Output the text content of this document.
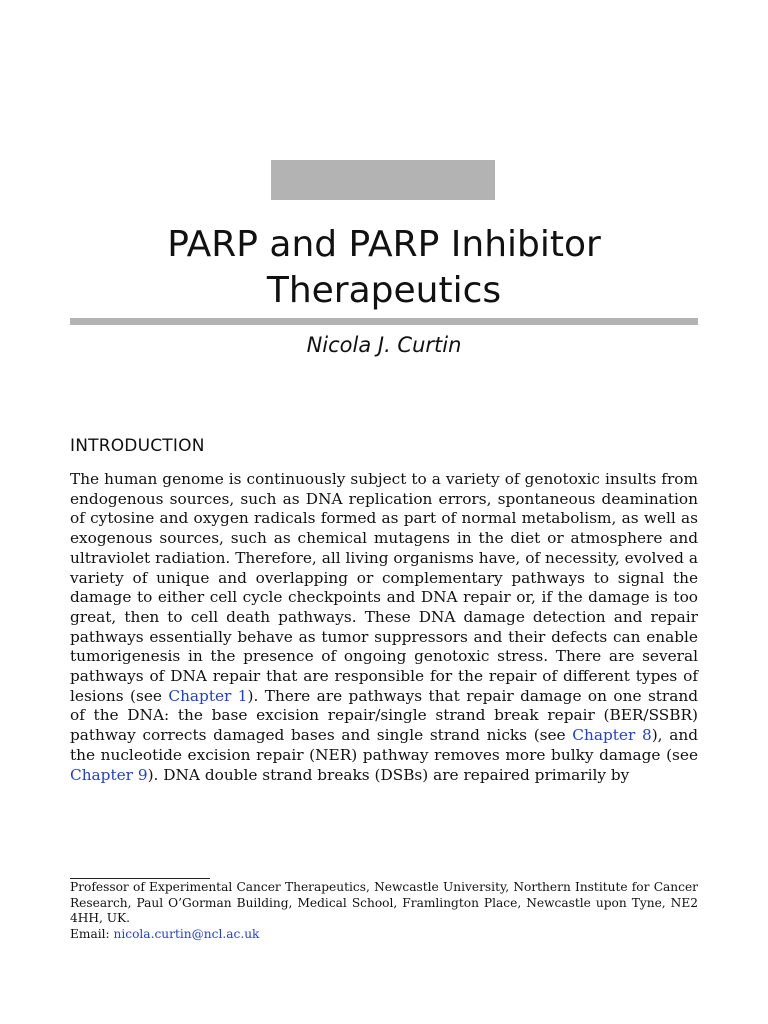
PARP and PARP Inhibitor
Therapeutics
Nicola J. Curtin
INTRODUCTION

The human genome is continuously subject to a variety of genotoxic insults from endogenous sources, such as DNA replication errors, spontaneous deamination of cytosine and oxygen radicals formed as part of normal metabolism, as well as exogenous sources, such as chemical mutagens in the diet or atmosphere and ultraviolet radiation. Therefore, all living organisms have, of necessity, evolved a variety of unique and overlapping or complementary pathways to signal the damage to either cell cycle checkpoints and DNA repair or, if the damage is too great, then to cell death pathways. These DNA damage detection and repair pathways essentially behave as tumor suppressors and their defects can enable tumorigenesis in the presence of ongoing genotoxic stress. There are several pathways of DNA repair that are responsible for the repair of different types of lesions (see Chapter 1). There are pathways that repair damage on one strand of the DNA: the base excision repair/single strand break repair (BER/SSBR) pathway corrects damaged bases and single strand nicks (see Chapter 8), and the nucleotide excision repair (NER) pathway removes more bulky damage (see Chapter 9). DNA double strand breaks (DSBs) are repaired primarily by

Professor of Experimental Cancer Therapeutics, Newcastle University, Northern Institute for Cancer Research, Paul O’Gorman Building, Medical School, Framlington Place, Newcastle upon Tyne, NE2 4HH, UK.

Email: nicola.curtin@ncl.ac.uk
